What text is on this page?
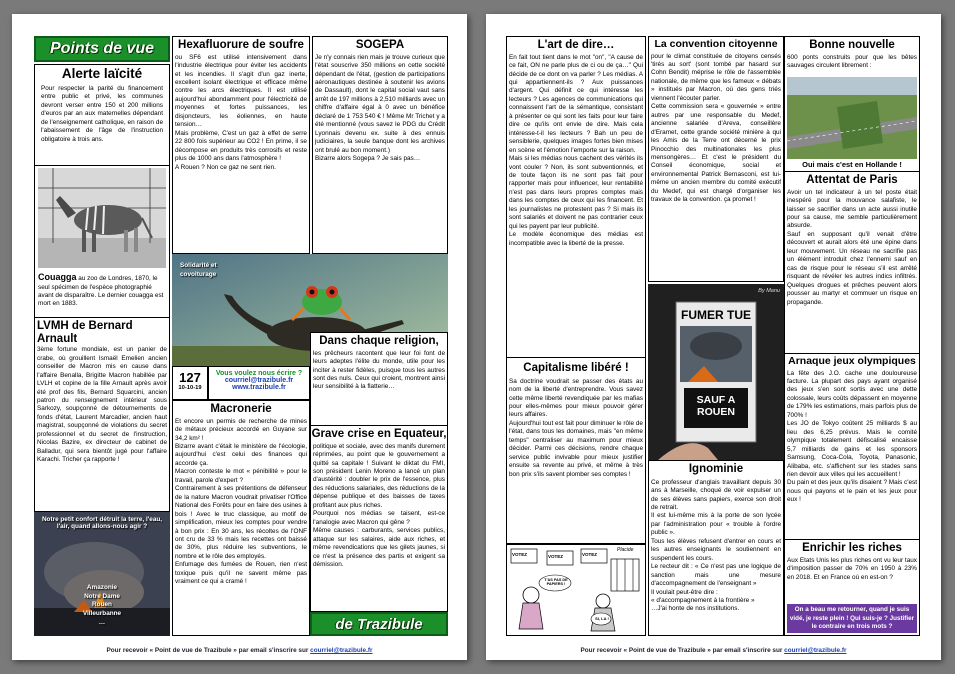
Points de vue
Alerte laïcité
Pour respecter la parité du financement entre public et privé, les communes devront verser entre 150 et 200 millions d'euros par an aux maternelles dépendant de l'enseignement catholique, en raison de l'abaissement de l'âge de l'instruction obligatoire à trois ans.
Couagga au zoo de Londres, 1870, le seul spécimen de l'espèce photographié avant de disparaître. Le dernier couagga est mort en 1883.
LVMH de Bernard Arnault
3ème fortune mondiale, est un panier de crabe, où grouillent Ismaël Emelien ancien conseiller de Macron mis en cause dans l'affaire Benalla, Brigitte Macron habillée par LVLH et copine de la fille Arnault après avoir été prof des fils, Bernard Squarcini, ancien patron du renseignement intérieur sous Sarkozy, soupçonné de détournements de fonds d'état, Laurent Marcadier, ancien haut magistrat, soupçonné de violations du secret professionnel et du secret de l'instruction, Nicolas Bazire, ex directeur de cabinet de Balladur, qui sera bientôt jugé pour l'affaire Karachi. Tricher ça rapporte !
Notre petit confort détruit la terre, l'eau, l'air, quand allons-nous agir ?
Amazonie
Notre Dame
Rouen
Villeurbanne
…
Hexafluorure de soufre
ou SF6 est utilisé intensivement dans l'industrie électrique pour éviter les accidents et les incendies. Il s'agit d'un gaz inerte, excellent isolant électrique et efficace même contre les arcs électriques. Il est utilisé aujourd'hui abondamment pour l'électricité de moyennes et fortes puissances, les disjoncteurs, les éoliennes, en haute tension…
Mais problème, C'est un gaz à effet de serre 22 800 fois supérieur au CO2 ! En prime, il se décompose en produits très corrosifs et reste plus de 1000 ans dans l'atmosphère !
A Rouen ? Non ce gaz ne sent rien.
SOGEPA
Je n'y connais rien mais je trouve curieux que l'état souscrive 350 millions en cette société dépendant de l'état, (gestion de participations aéronautiques destinée à soutenir les avions de Dassault), dont le capital social vaut sans arrêt de 197 millions à 2,510 milliards avec un chiffre d'affaire égal à 0 avec un bénéfice déclaré de 1 753 540 € ! Même Mr Trichet y a été mentionné (vous savez le PDG du Crédit Lyonnais devenu ex. suite à des ennuis judiciaires, la seule banque dont les archives ont brulé au bon moment.)
Bizarre alors Sogepa ? Je sais pas…
Solidarité et covoiturage
127
10-10-19
Vous voulez nous écrire ?
courriel@trazibule.fr
www.trazibule.fr
Macronerie
Et encore un permis de recherche de mines de métaux précieux accordé en Guyane sur 34,2 km² !
Bizarre avant c'était le ministère de l'écologie, aujourd'hui c'est celui des finances qui accorde ça.
Macron conteste le mot « pénibilité » pour le travail, parole d'expert ?
Contrairement à ses prétentions de défenseur de la nature Macron voudrait privatiser l'Office National des Forêts pour en faire des usines à bois ! Avec le truc classique, au motif de simplification, mieux les comptes pour vendre à bon prix : En 30 ans, les récoltes de l'ONF ont cru de 33 % mais les recettes ont baissé de 30%, plus réduire les subventions, le nombre et le rôle des employés.
Enfumage des fumées de Rouen, rien n'est toxique puis qu'il ne savent même pas vraiment ce qui a cramé !
Dans chaque religion,
les prêcheurs racontent que leur foi font de leurs adeptes l'élite du monde, utile pour les inciter à rester fidèles, puisque tous les autres sont des nuls. Ceux qui croient, montrent ainsi leur sensibilité à la flatterie…
Grave crise en Equateur,
politique et sociale, avec des manifs durement réprimées, au point que le gouvernement a quitté sa capitale ! Suivant le diktat du FMI, son président Lenin Moreno a lancé un plan d'austérité : doubler le prix de l'essence, plus des réductions salariales, des réductions de la dépense publique et des baisses de taxes profitant aux plus riches.
Pourquoi nos médias se taisent, est-ce l'analogie avec Macron qui gêne ?
Même causes : carburants, services publics, attaque sur les salaires, aide aux riches, et même revendications que les gilets jaunes, si ce n'est la présence des partis et exigent sa démission.
de Trazibule
Pour recevoir « Point de vue de Trazibule » par email s'inscrire sur courriel@trazibule.fr
L'art de dire…
En fait tout tient dans le mot "on", "A cause de ce fait, ON ne parle plus de ci ou de ça…" Qui décide de ce dont on va parler ? Les médias. A qui appartiennent-ils ? Aux puissances d'argent. Qui définit ce qui intéresse les lecteurs ? Les agences de communications qui connaissent l'art de la sémantique, consistant à présenter ce qui sont les faits pour leur faire dire ce qu'ils ont envie de dire. Mais cela intéresse-t-il les lecteurs ? Bah un peu de sensiblerie, quelques images fortes bien mises en scène et l'émotion l'emporte sur la raison.
Mais si les médias nous cachent des vérités ils vont couler ? Non, ils sont subventionnés, et de toute façon ils ne sont pas fait pour rapporter mais pour influencer, leur rentabilité n'est pas dans leurs propres comptes mais dans les comptes de ceux qui les financent. Et les journalistes ne protestent pas ? Si mais ils sont salariés et doivent ne pas contrarier ceux qui les payent par leur publicité.
Le modèle économique des médias est incompatible avec la liberté de la presse.
Capitalisme libéré !
Sa doctrine voudrait se passer des états au nom de la liberté d'entreprendre. Vous savez cette même liberté revendiquée par les mafias pour elles-mêmes pour mieux pouvoir gérer leurs affaires.
Aujourd'hui tout est fait pour diminuer le rôle de l'état, dans tous les domaines, mais "en même temps" centraliser au maximum pour mieux décider. Parmi ces décisions, rendre chaque service public invivable pour mieux justifier ensuite sa revente au privé, et même à très bon prix s'ils savent plomber ses comptes !
VOTEZ	VOTEZ	VOTEZ
T'AS PAS DE PAPIERS !
SI, LA !
Placide
La convention citoyenne
pour le climat constituée de citoyens censés 'tirés au sort' (sont tombé par hasard sur Cohn Bendit) méprise le rôle de l'assemblée nationale, de même que les fameux « débats » institués par Macron, où des gens triés viennent l'écouter parler.
Cette commission sera « gouvernée » entre autres par une responsable du Medef, ancienne salariée d'Areva, conseillère d'Eramet, cette grande société minière à qui les Amis de la Terre ont décerné le prix Pinocchio des multinationales les plus mensongères… Et c'est le président du Conseil économique, social et environnemental Patrick Bernasconi, est lui-même un ancien membre du comité exécutif du Medef, qui est chargé d'organiser les travaux de la convention. ça promet !
FUMER TUE
SAUF A ROUEN
By Manu
Ignominie
Ce professeur d'anglais travaillant depuis 30 ans à Marseille, choqué de voir expulser un de ses élèves sans papiers, exerce son droit de retrait.
Il est lui-même mis à la porte de son lycée par l'administration pour « trouble à l'ordre public ».
Tous les élèves refusent d'entrer en cours et les autres enseignants le soutiennent en suspendent les cours.
Le recteur dit : « Ce n'est pas une logique de sanction mais une mesure d'accompagnement de l'enseignant »
Il voulait peut-être dire :
« d'accompagnement à la frontière »
…J'ai honte de nos institutions.
Bonne nouvelle
600 ponts construits pour que les bêtes sauvages circulent librement :
Oui mais c'est en Hollande !
Attentat de Paris
Avoir un tel indicateur à un tel poste était inespéré pour la mouvance salafiste, le laisser se sacrifier dans un acte aussi inutile pour sa cause, me semble particulièrement absurde.
Sauf en supposant qu'il venait d'être découvert et aurait alors été une épine dans leur mouvement. Un réseau ne sacrifie pas un élément introduit chez l'ennemi sauf en cas de risque pour le réseau s'il est arrêté risquant de révéler les autres indics infiltrés. Quelques drogues et prêches peuvent alors pousser au martyr et commuer un risque en propagande.
Arnaque jeux olympiques
La fête des J.O. cache une douloureuse facture. La plupart des pays ayant organisé des jeux s'en sont sortis avec une dette colossale, leurs coûts dépassent en moyenne de 179% les estimations, mais parfois plus de 700% !
Les JO de Tokyo coûtent 25 milliards $ au lieu des 6,25 prévus. Mais le comité olympique totalement défiscalisé encaisse 5,7 milliards de gains et les sponsors Samsung, Coca-Cola, Toyota, Panasonic, Alibaba, etc. s'affichent sur les stades sans rien devoir aux villes qui les accueillent !
Du pain et des jeux qu'ils disaient ? Mais c'est nous qui payons et le pain et les jeux pour eux !
Enrichir les riches
Aux Etats Unis les plus riches ont vu leur taux d'imposition passer de 70% en 1950 à 23% en 2018. Et en France où en est-on ?
On a beau me retourner, quand je suis vidé, je reste plein ! Qui suis-je ? Justifier le contraire en trois mots ?
Pour recevoir « Point de vue de Trazibule » par email s'inscrire sur courriel@trazibule.fr
